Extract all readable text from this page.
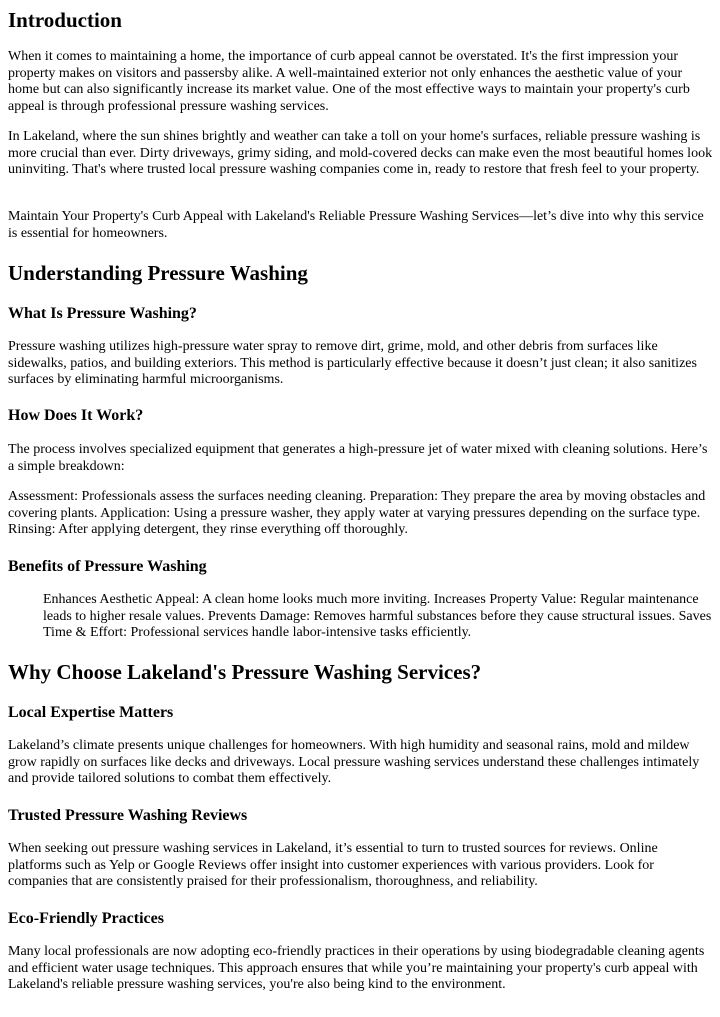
Introduction

When it comes to maintaining a home, the importance of curb appeal cannot be overstated. It's the first impression your property makes on visitors and passersby alike. A well-maintained exterior not only enhances the aesthetic value of your home but can also significantly increase its market value. One of the most effective ways to maintain your property's curb appeal is through professional pressure washing services.

In Lakeland, where the sun shines brightly and weather can take a toll on your home's surfaces, reliable pressure washing is more crucial than ever. Dirty driveways, grimy siding, and mold-covered decks can make even the most beautiful homes look uninviting. That's where trusted local pressure washing companies come in, ready to restore that fresh feel to your property.

Maintain Your Property's Curb Appeal with Lakeland's Reliable Pressure Washing Services—let’s dive into why this service is essential for homeowners.

Understanding Pressure Washing
What Is Pressure Washing?

Pressure washing utilizes high-pressure water spray to remove dirt, grime, mold, and other debris from surfaces like sidewalks, patios, and building exteriors. This method is particularly effective because it doesn’t just clean; it also sanitizes surfaces by eliminating harmful microorganisms.

How Does It Work?

The process involves specialized equipment that generates a high-pressure jet of water mixed with cleaning solutions. Here’s a simple breakdown:

Assessment: Professionals assess the surfaces needing cleaning. Preparation: They prepare the area by moving obstacles and covering plants. Application: Using a pressure washer, they apply water at varying pressures depending on the surface type. Rinsing: After applying detergent, they rinse everything off thoroughly.

Benefits of Pressure Washing
Enhances Aesthetic Appeal: A clean home looks much more inviting. Increases Property Value: Regular maintenance leads to higher resale values. Prevents Damage: Removes harmful substances before they cause structural issues. Saves Time & Effort: Professional services handle labor-intensive tasks efficiently.
Why Choose Lakeland's Pressure Washing Services?
Local Expertise Matters

Lakeland’s climate presents unique challenges for homeowners. With high humidity and seasonal rains, mold and mildew grow rapidly on surfaces like decks and driveways. Local pressure washing services understand these challenges intimately and provide tailored solutions to combat them effectively.

Trusted Pressure Washing Reviews

When seeking out pressure washing services in Lakeland, it’s essential to turn to trusted sources for reviews. Online platforms such as Yelp or Google Reviews offer insight into customer experiences with various providers. Look for companies that are consistently praised for their professionalism, thoroughness, and reliability.

Eco-Friendly Practices

Many local professionals are now adopting eco-friendly practices in their operations by using biodegradable cleaning agents and efficient water usage techniques. This approach ensures that while you’re maintaining your property's curb appeal with Lakeland's reliable pressure washing services, you're also being kind to the environment.
